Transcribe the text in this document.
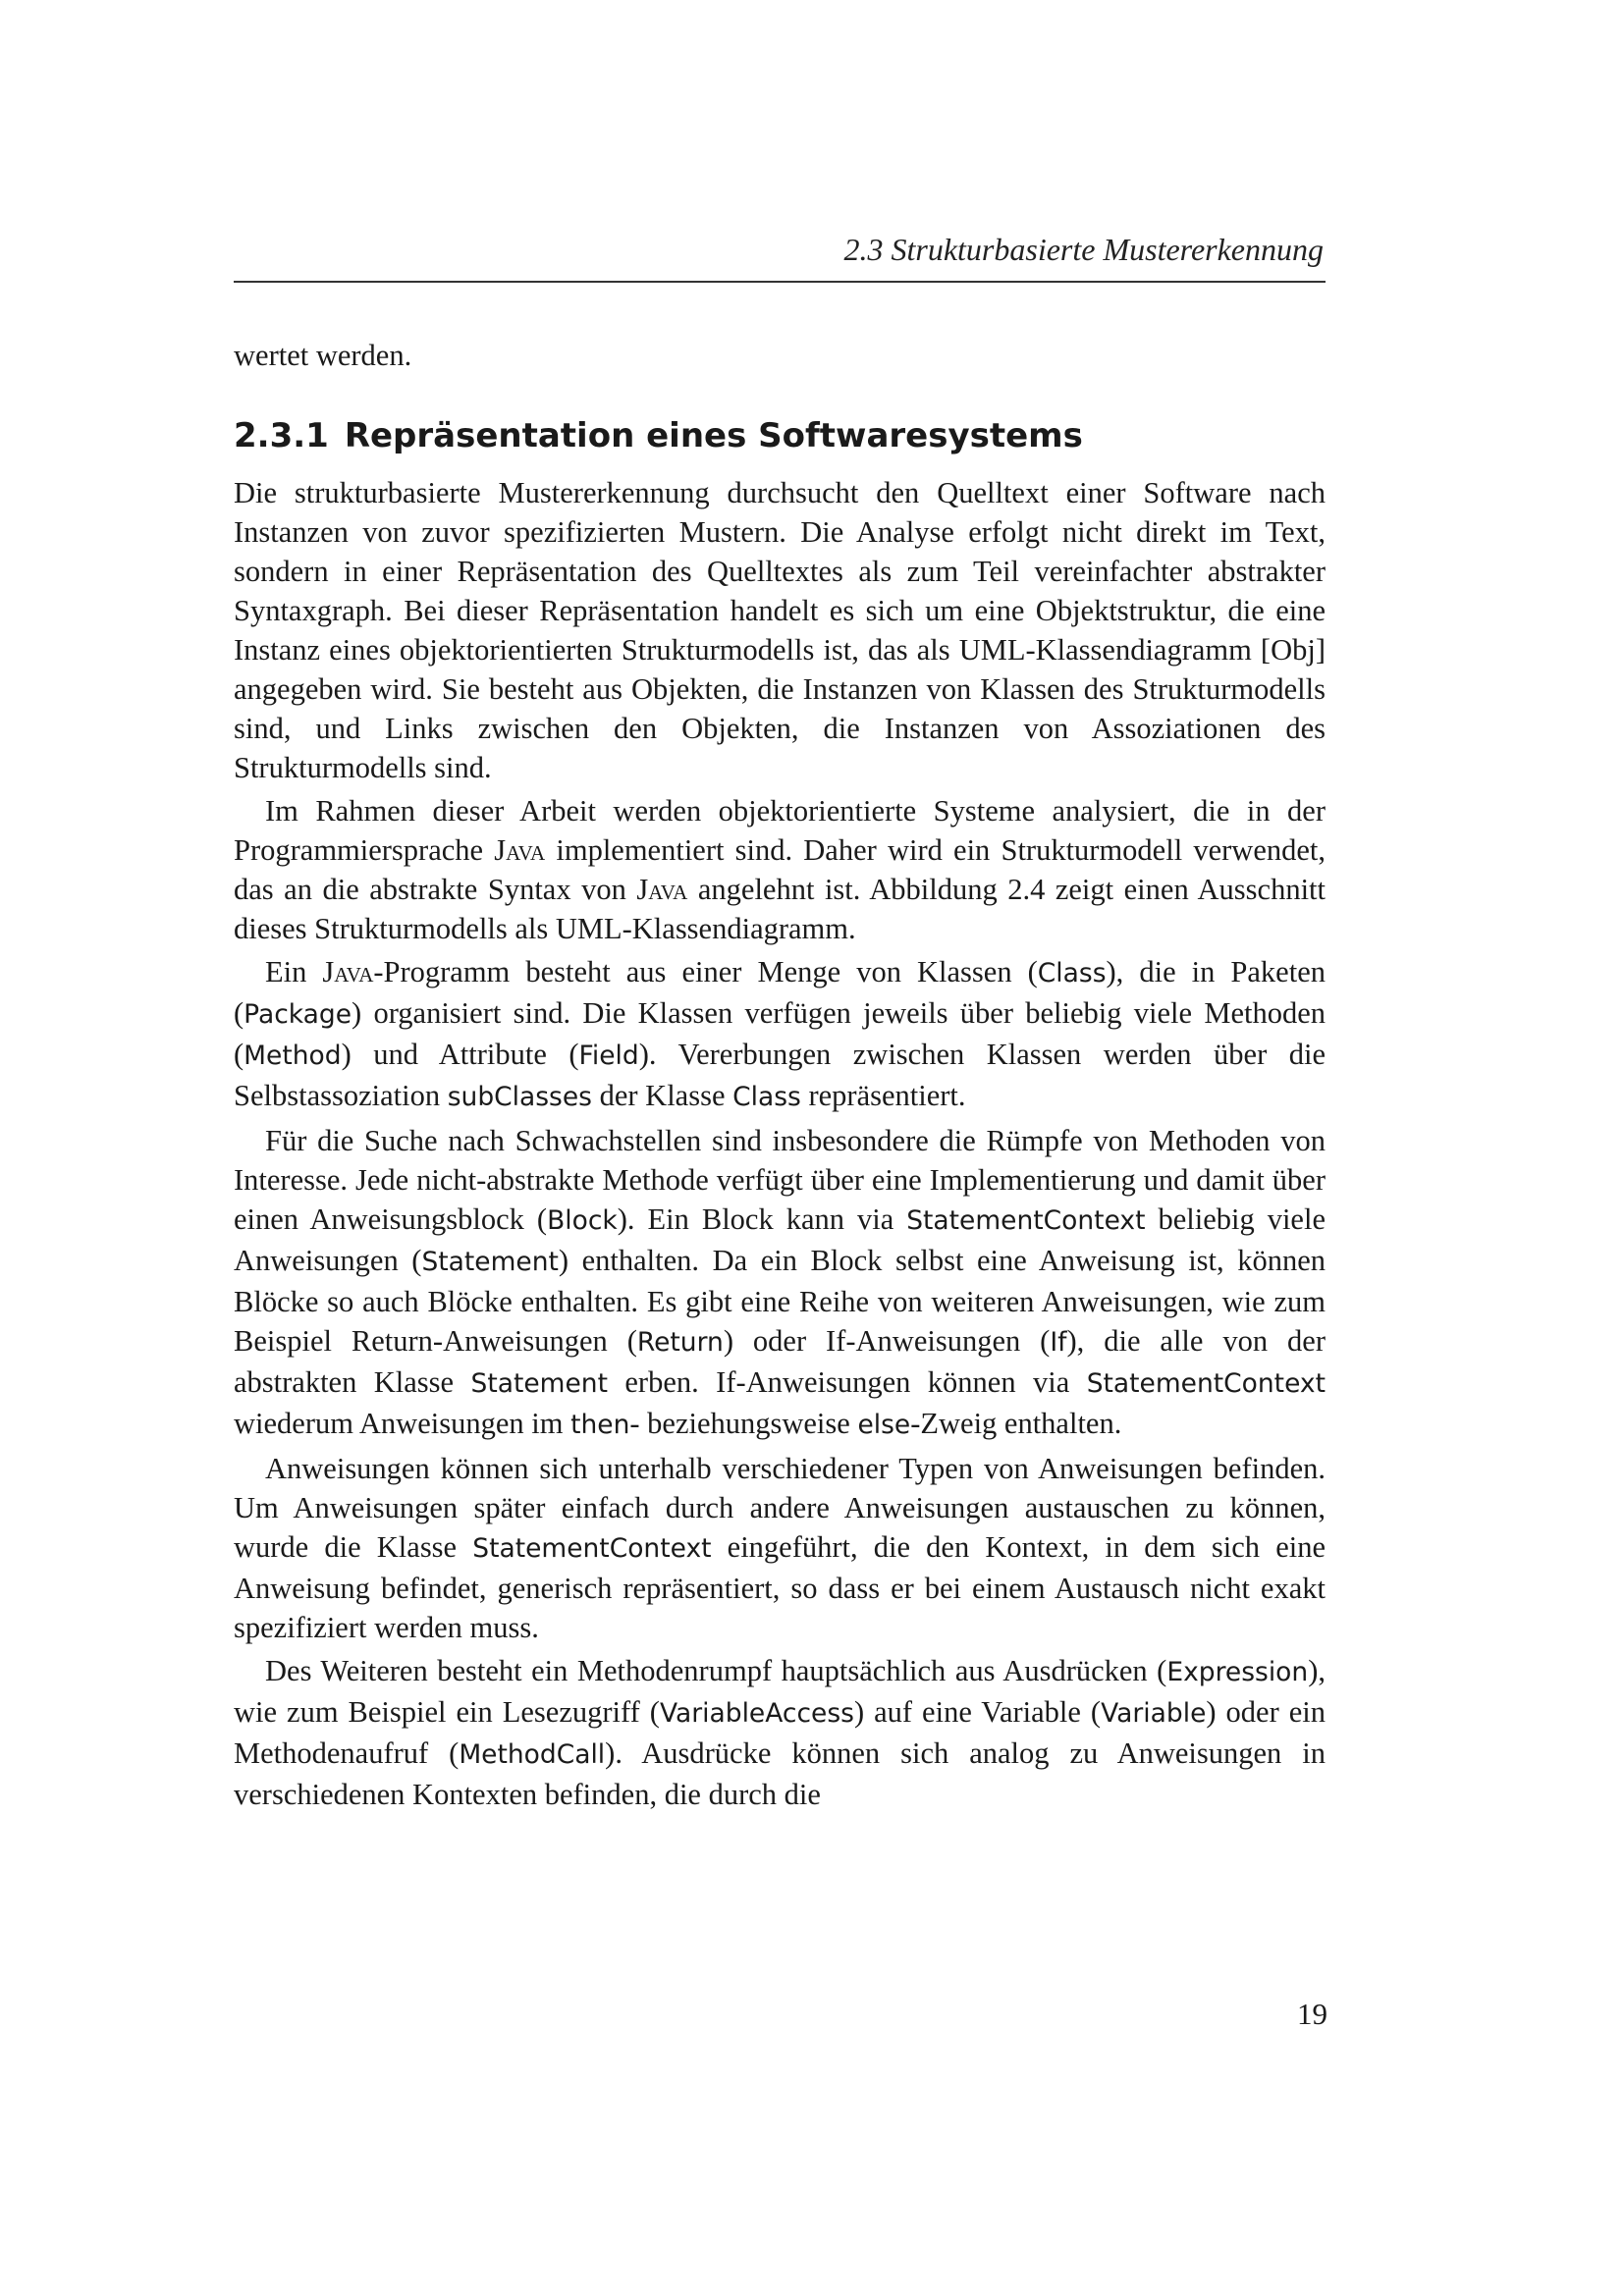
2.3 Strukturbasierte Mustererkennung

wertet werden.

2.3.1 Repräsentation eines Softwaresystems

Die strukturbasierte Mustererkennung durchsucht den Quelltext einer Software nach Instanzen von zuvor spezifizierten Mustern. Die Analyse erfolgt nicht direkt im Text, sondern in einer Repräsentation des Quelltextes als zum Teil vereinfachter abstrakter Syntaxgraph. Bei dieser Repräsentation handelt es sich um eine Objektstruktur, die eine Instanz eines objektorientierten Strukturmodells ist, das als UML-Klassendiagramm [Obj] angegeben wird. Sie besteht aus Objekten, die Instanzen von Klassen des Strukturmodells sind, und Links zwischen den Objekten, die Instanzen von Assoziationen des Strukturmodells sind.

Im Rahmen dieser Arbeit werden objektorientierte Systeme analysiert, die in der Programmiersprache Java implementiert sind. Daher wird ein Strukturmodell verwendet, das an die abstrakte Syntax von Java angelehnt ist. Abbildung 2.4 zeigt einen Ausschnitt dieses Strukturmodells als UML-Klassendiagramm.

Ein Java-Programm besteht aus einer Menge von Klassen (Class), die in Paketen (Package) organisiert sind. Die Klassen verfügen jeweils über beliebig viele Methoden (Method) und Attribute (Field). Vererbungen zwischen Klassen werden über die Selbstassoziation subClasses der Klasse Class repräsentiert.

Für die Suche nach Schwachstellen sind insbesondere die Rümpfe von Methoden von Interesse. Jede nicht-abstrakte Methode verfügt über eine Implementierung und damit über einen Anweisungsblock (Block). Ein Block kann via StatementContext beliebig viele Anweisungen (Statement) enthalten. Da ein Block selbst eine Anweisung ist, können Blöcke so auch Blöcke enthalten. Es gibt eine Reihe von weiteren Anweisungen, wie zum Beispiel Return-Anweisungen (Return) oder If-Anweisungen (If), die alle von der abstrakten Klasse Statement erben. If-Anweisungen können via StatementContext wiederum Anweisungen im then- beziehungsweise else-Zweig enthalten.

Anweisungen können sich unterhalb verschiedener Typen von Anweisungen befinden. Um Anweisungen später einfach durch andere Anweisungen austauschen zu können, wurde die Klasse StatementContext eingeführt, die den Kontext, in dem sich eine Anweisung befindet, generisch repräsentiert, so dass er bei einem Austausch nicht exakt spezifiziert werden muss.

Des Weiteren besteht ein Methodenrumpf hauptsächlich aus Ausdrücken (Expression), wie zum Beispiel ein Lesezugriff (VariableAccess) auf eine Variable (Variable) oder ein Methodenaufruf (MethodCall). Ausdrücke können sich analog zu Anweisungen in verschiedenen Kontexten befinden, die durch die

19
